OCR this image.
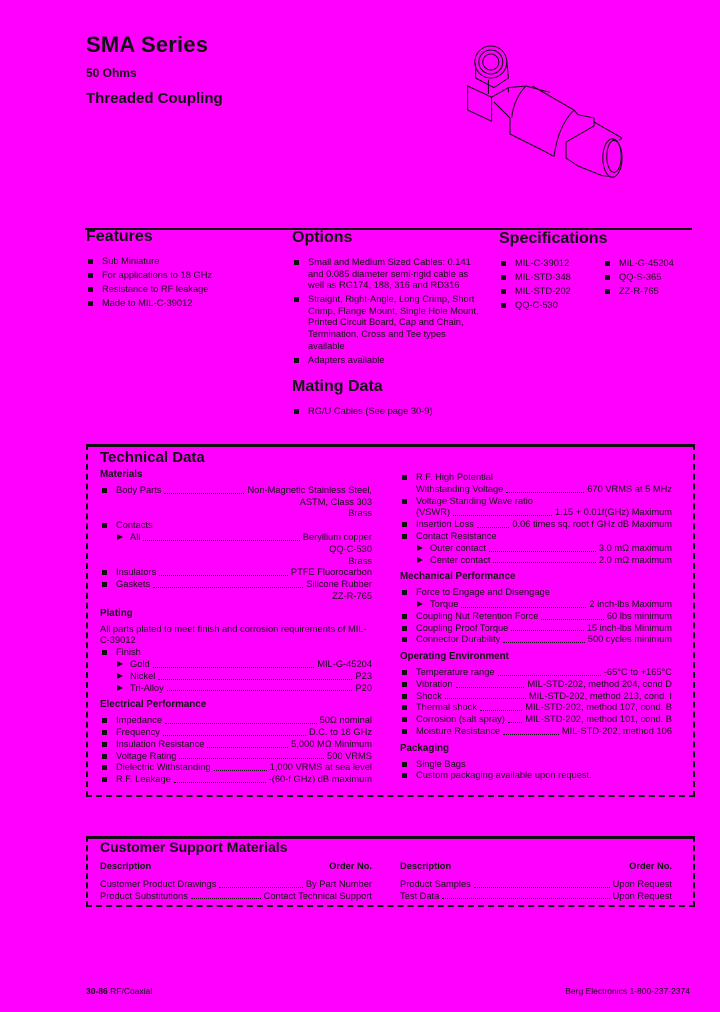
SMA Series
50 Ohms
Threaded Coupling
Features
Sub Miniature
For applications to 18 GHz
Resistance to RF leakage
Made to MIL-C-39012
Options
Small and Medium Sized Cables: 0.141 and 0.085 diameter semi-rigid cable as well as RG174, 188, 316 and RD316
Straight, Right-Angle, Long Crimp, Short Crimp, Flange Mount, Single Hole Mount, Printed Circuit Board, Cap and Chain, Termination, Cross and Tee types available
Adapters available
Mating Data
RG/U Cables (See page 30-9)
Specifications
MIL-C-39012
MIL-STD-348
MIL-STD-202
QQ-C-530
MIL-G-45204
QQ-S-365
ZZ-R-765
Technical Data
Materials
Body Parts	Non-Magnetic Stainless Steel,
ASTM, Class 303
Brass
Contacts
All	Beryllium copper
QQ-C-530
Brass
Insulators	PTFE Fluorocarbon
Gaskets	Silicone Rubber
ZZ-R-765
Plating

All parts plated to meet finish and corrosion requirements of MIL-C-39012

Finish
Gold	MIL-G-45204
Nickel	P23
Tri-Alloy	P20
Electrical Performance
Impedance	50Ω nominal
Frequency	D.C. to 18 GHz
Insulation Resistance	5,000 MΩ Minimum
Voltage Rating	500 VRMS
Dielectric Withstanding	1,000 VRMS at sea level
R.F. Leakage	-(60-f GHz) dB maximum
R.F. High Potential
Withstanding Voltage	670 VRMS at 5 MHz
Voltage Standing Wave ratio
(VSWR)	1.15 + 0.01f(GHz) Maximum
Insertion Loss	0.06 times sq. root f GHz dB Maximum
Contact Resistance
Outer contact	3.0 mΩ maximum
Center contact	2.0 mΩ maximum
Mechanical Performance
Force to Engage and Disengage
Torque	2 inch-lbs Maximum
Coupling Nut Retention Force	60 lbs minimum
Coupling Proof Torque	15 inch-lbs Minimum
Connector Durability	500 cycles minimum
Operating Environment
Temperature range	-65°C to +165°C
Vibration	MIL-STD-202, method 204, cond D
Shock	MIL-STD-202, method 213, cond. I
Thermal shock	MIL-STD-202, method 107, cond. B
Corrosion (salt spray) MIL-STD-202, method 101, cond. B
Moisture Resistance	MIL-STD-202, method 106
Packaging
Single Bags
Custom packaging available upon request.
Customer Support Materials
Description	Order No.
Customer Product Drawings	By Part Number
Product Substitutions	Contact Technical Support
Description	Order No.
Product Samples	Upon Request
Test Data	Upon Request
30-86 RF/Coaxial	Berg Electronics 1-800-237-2374
